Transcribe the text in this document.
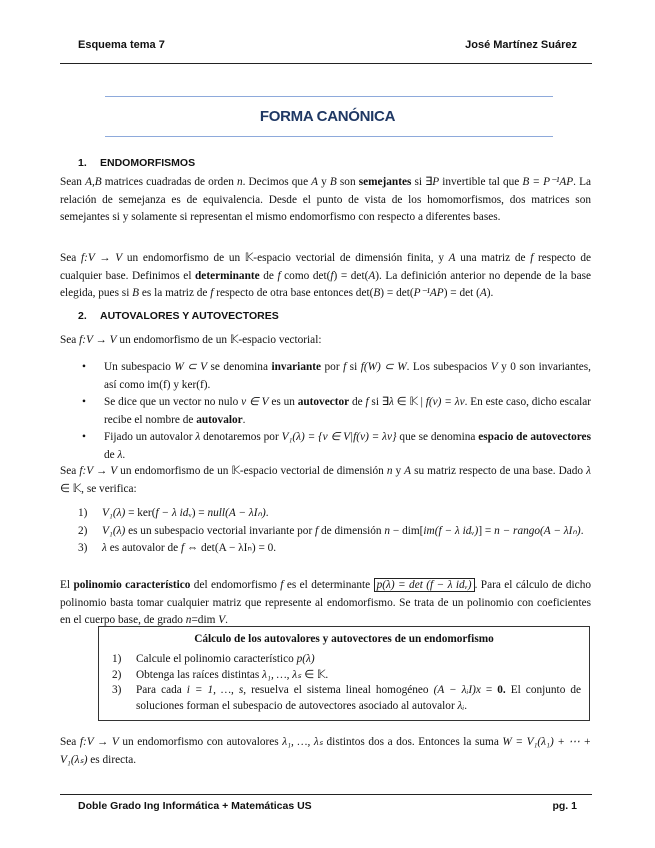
Esquema tema 7	José Martínez Suárez
FORMA CANÓNICA
1. ENDOMORFISMOS

Sean A,B matrices cuadradas de orden n. Decimos que A y B son semejantes si ∃P invertible tal que B = P⁻¹AP. La relación de semejanza es de equivalencia. Desde el punto de vista de los homomorfismos, dos matrices son semejantes si y solamente si representan el mismo endomorfismo con respecto a diferentes bases.

Sea f:V → V un endomorfismo de un 𝕂-espacio vectorial de dimensión finita, y A una matriz de f respecto de cualquier base. Definimos el determinante de f como det(f) = det(A). La definición anterior no depende de la base elegida, pues si B es la matriz de f respecto de otra base entonces det(B) = det(P⁻¹AP) = det (A).

2. AUTOVALORES Y AUTOVECTORES

Sea f:V → V un endomorfismo de un 𝕂-espacio vectorial:

• Un subespacio W ⊂ V se denomina invariante por f si f(W) ⊂ W. Los subespacios V y 0 son invariantes, así como im(f) y ker(f).
• Se dice que un vector no nulo v ∈ V es un autovector de f si ∃λ ∈ 𝕂 | f(v) = λv. En este caso, dicho escalar recibe el nombre de autovalor.
• Fijado un autovalor λ denotaremos por V₁(λ) = {v ∈ V|f(v) = λv} que se denomina espacio de autovectores de λ.

Sea f:V → V un endomorfismo de un 𝕂-espacio vectorial de dimensión n y A su matriz respecto de una base. Dado λ ∈ 𝕂, se verifica:

1) V₁(λ) = ker(f − λ idᵥ) = null(A − λIₙ).
2) V₁(λ) es un subespacio vectorial invariante por f de dimensión n − dim[im(f − λ idᵥ)] = n − rango(A − λIₙ).
3) λ es autovalor de f ⇔ det(A − λIₙ) = 0.

El polinomio característico del endomorfismo f es el determinante p(λ) = det (f − λ idᵥ) . Para el cálculo de dicho polinomio basta tomar cualquier matriz que represente al endomorfismo. Se trata de un polinomio con coeficientes en el cuerpo base, de grado n=dim V.

Cálculo de los autovalores y autovectores de un endomorfismo
1) Calcule el polinomio característico p(λ)
2) Obtenga las raíces distintas λ₁, …, λₛ ∈ 𝕂.
3) Para cada i = 1, …, s, resuelva el sistema lineal homogéneo (A − λᵢI)x = 0. El conjunto de soluciones forman el subespacio de autovectores asociado al autovalor λᵢ.

Sea f:V → V un endomorfismo con autovalores λ₁, …, λₛ distintos dos a dos. Entonces la suma W = V₁(λ₁) + ⋯ + V₁(λₛ) es directa.

Doble Grado Ing Informática + Matemáticas US	pg. 1
